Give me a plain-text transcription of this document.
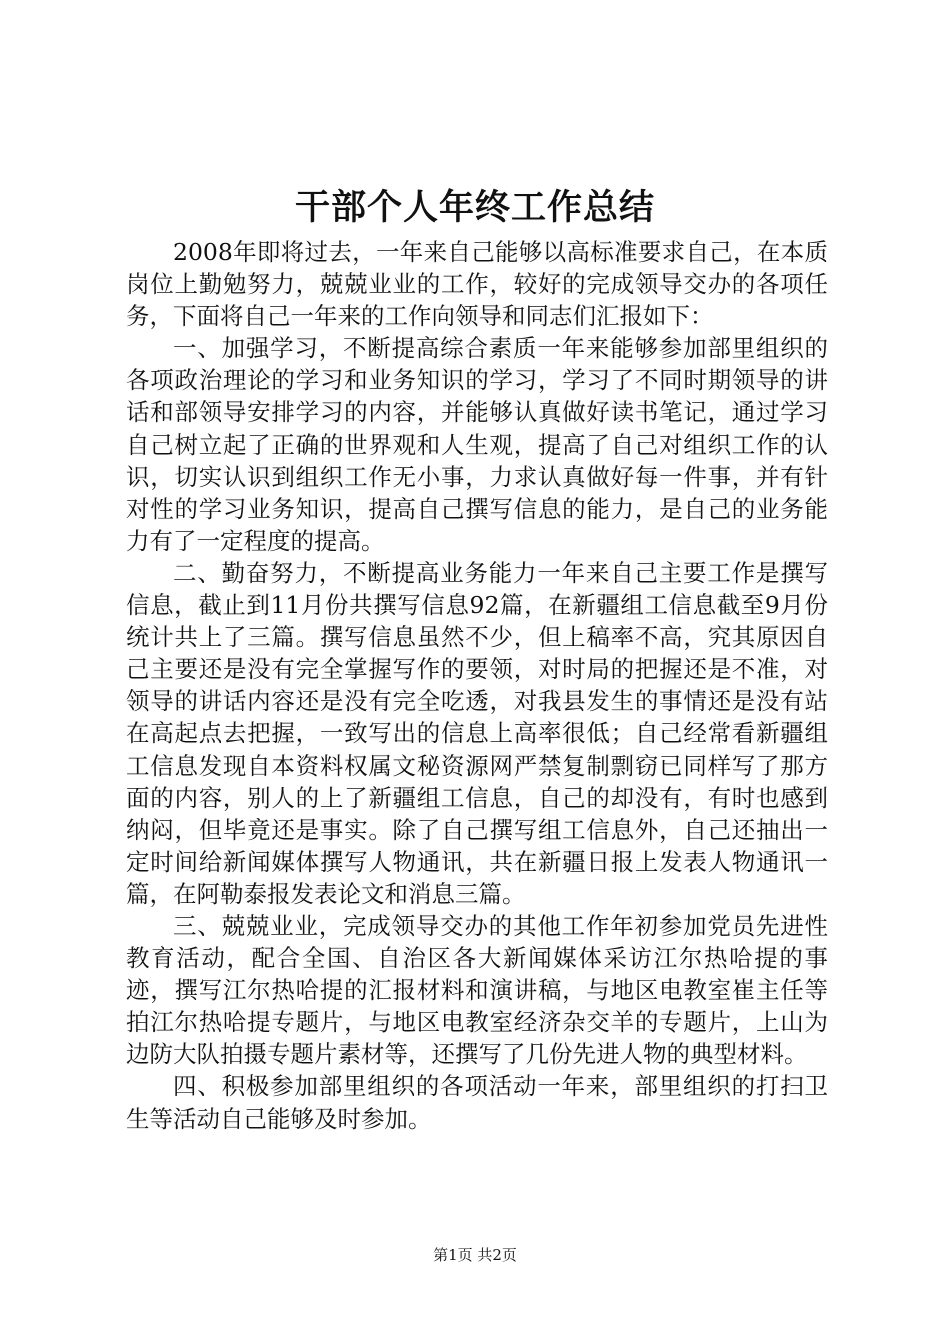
干部个人年终工作总结

2008年即将过去，一年来自己能够以高标准要求自己，在本质岗位上勤勉努力，兢兢业业的工作，较好的完成领导交办的各项任务，下面将自己一年来的工作向领导和同志们汇报如下：

一、加强学习，不断提高综合素质一年来能够参加部里组织的各项政治理论的学习和业务知识的学习，学习了不同时期领导的讲话和部领导安排学习的内容，并能够认真做好读书笔记，通过学习自己树立起了正确的世界观和人生观，提高了自己对组织工作的认识，切实认识到组织工作无小事，力求认真做好每一件事，并有针对性的学习业务知识，提高自己撰写信息的能力，是自己的业务能力有了一定程度的提高。

二、勤奋努力，不断提高业务能力一年来自己主要工作是撰写信息，截止到11月份共撰写信息92篇，在新疆组工信息截至9月份统计共上了三篇。撰写信息虽然不少，但上稿率不高，究其原因自己主要还是没有完全掌握写作的要领，对时局的把握还是不准，对领导的讲话内容还是没有完全吃透，对我县发生的事情还是没有站在高起点去把握，一致写出的信息上高率很低；自己经常看新疆组工信息发现自本资料权属文秘资源网严禁复制剽窃已同样写了那方面的内容，别人的上了新疆组工信息，自己的却没有，有时也感到纳闷，但毕竟还是事实。除了自己撰写组工信息外，自己还抽出一定时间给新闻媒体撰写人物通讯，共在新疆日报上发表人物通讯一篇，在阿勒泰报发表论文和消息三篇。

三、兢兢业业，完成领导交办的其他工作年初参加党员先进性教育活动，配合全国、自治区各大新闻媒体采访江尔热哈提的事迹，撰写江尔热哈提的汇报材料和演讲稿，与地区电教室崔主任等拍江尔热哈提专题片，与地区电教室经济杂交羊的专题片，上山为边防大队拍摄专题片素材等，还撰写了几份先进人物的典型材料。

四、积极参加部里组织的各项活动一年来，部里组织的打扫卫生等活动自己能够及时参加。

第1页 共2页
